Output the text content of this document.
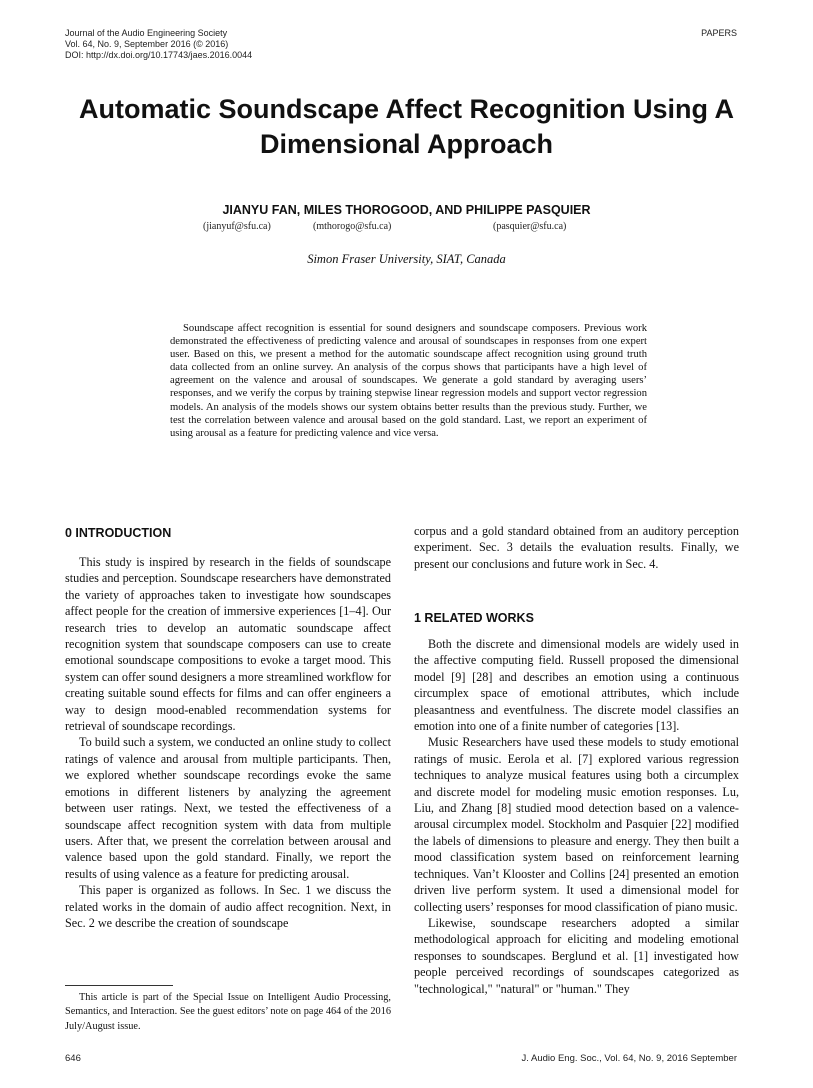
Journal of the Audio Engineering Society
Vol. 64, No. 9, September 2016 (© 2016)
DOI: http://dx.doi.org/10.17743/jaes.2016.0044
PAPERS
Automatic Soundscape Affect Recognition Using A
Dimensional Approach
JIANYU FAN, MILES THOROGOOD, AND PHILIPPE PASQUIER
(jianyuf@sfu.ca)	(mthorogo@sfu.ca)	(pasquier@sfu.ca)
Simon Fraser University, SIAT, Canada

Soundscape affect recognition is essential for sound designers and soundscape composers. Previous work demonstrated the effectiveness of predicting valence and arousal of soundscapes in responses from one expert user. Based on this, we present a method for the automatic soundscape affect recognition using ground truth data collected from an online survey. An analysis of the corpus shows that participants have a high level of agreement on the valence and arousal of soundscapes. We generate a gold standard by averaging users’ responses, and we verify the corpus by training stepwise linear regression models and support vector regression models. An analysis of the models shows our system obtains better results than the previous study. Further, we test the correlation between valence and arousal based on the gold standard. Last, we report an experiment of using arousal as a feature for predicting valence and vice versa.

0 INTRODUCTION

This study is inspired by research in the fields of soundscape studies and perception. Soundscape researchers have demonstrated the variety of approaches taken to investigate how soundscapes affect people for the creation of immersive experiences [1–4]. Our research tries to develop an automatic soundscape affect recognition system that soundscape composers can use to create emotional soundscape compositions to evoke a target mood. This system can offer sound designers a more streamlined workflow for creating suitable sound effects for films and can offer engineers a way to design mood-enabled recommendation systems for retrieval of soundscape recordings.

To build such a system, we conducted an online study to collect ratings of valence and arousal from multiple participants. Then, we explored whether soundscape recordings evoke the same emotions in different listeners by analyzing the agreement between user ratings. Next, we tested the effectiveness of a soundscape affect recognition system with data from multiple users. After that, we present the correlation between arousal and valence based upon the gold standard. Finally, we report the results of using valence as a feature for predicting arousal.

This paper is organized as follows. In Sec. 1 we discuss the related works in the domain of audio affect recognition. Next, in Sec. 2 we describe the creation of soundscape

corpus and a gold standard obtained from an auditory perception experiment. Sec. 3 details the evaluation results. Finally, we present our conclusions and future work in Sec. 4.

1 RELATED WORKS

Both the discrete and dimensional models are widely used in the affective computing field. Russell proposed the dimensional model [9] [28] and describes an emotion using a continuous circumplex space of emotional attributes, which include pleasantness and eventfulness. The discrete model classifies an emotion into one of a finite number of categories [13].

Music Researchers have used these models to study emotional ratings of music. Eerola et al. [7] explored various regression techniques to analyze musical features using both a circumplex and discrete model for modeling music emotion responses. Lu, Liu, and Zhang [8] studied mood detection based on a valence-arousal circumplex model. Stockholm and Pasquier [22] modified the labels of dimensions to pleasure and energy. They then built a mood classification system based on reinforcement learning techniques. Van’t Klooster and Collins [24] presented an emotion driven live perform system. It used a dimensional model for collecting users’ responses for mood classification of piano music.

Likewise, soundscape researchers adopted a similar methodological approach for eliciting and modeling emotional responses to soundscapes. Berglund et al. [1] investigated how people perceived recordings of soundscapes categorized as "technological," "natural" or "human." They

This article is part of the Special Issue on Intelligent Audio Processing, Semantics, and Interaction. See the guest editors’ note on page 464 of the 2016 July/August issue.

646	J. Audio Eng. Soc., Vol. 64, No. 9, 2016 September
